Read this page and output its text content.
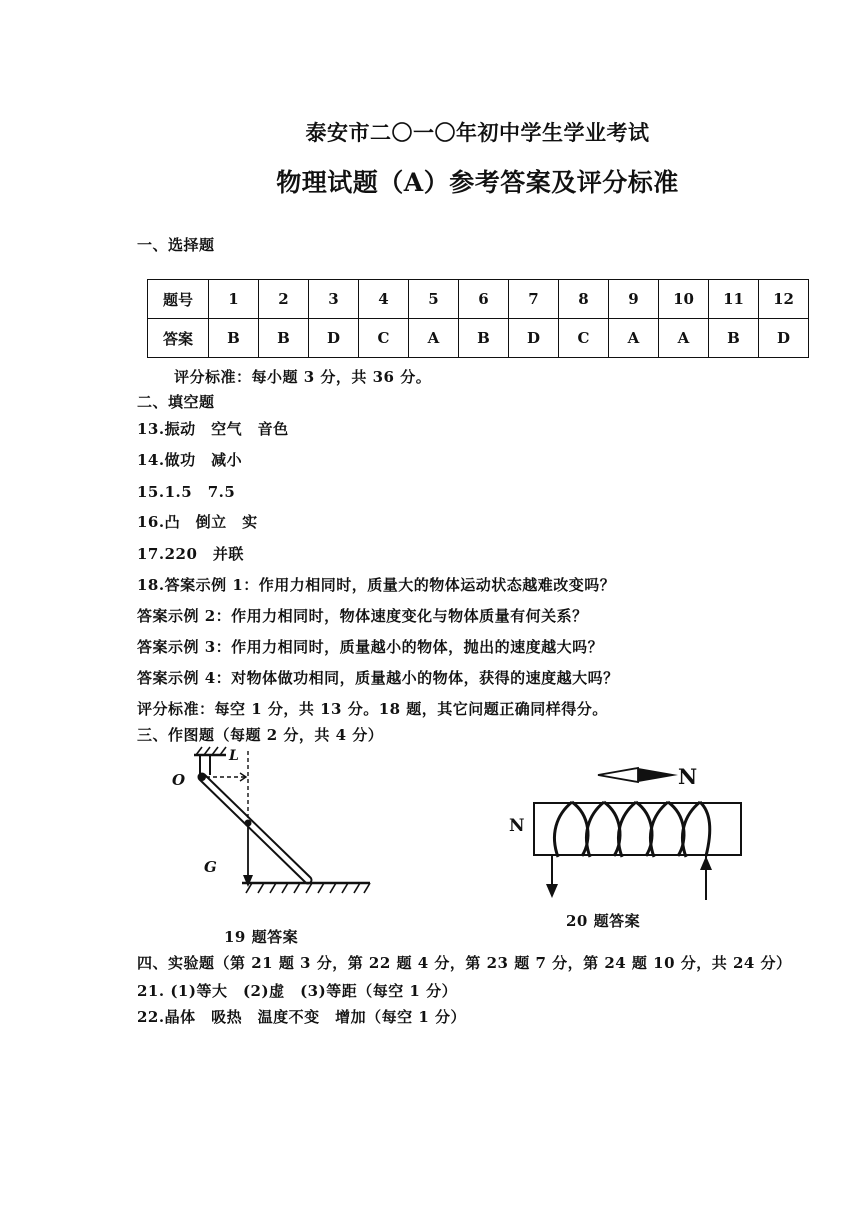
泰安市二〇一〇年初中学生学业考试
物理试题（A）参考答案及评分标准
一、选择题
题号	1	2	3	4	5	6	7	8	9	10	11	12
答案	B	B	D	C	A	B	D	C	A	A	B	D
评分标准：每小题 3 分，共 36 分。
二、填空题
13.振动　空气　音色
14.做功　减小
15.1.5　7.5
16.凸　倒立　实
17.220　并联
18.答案示例 1：作用力相同时，质量大的物体运动状态越难改变吗？
答案示例 2：作用力相同时，物体速度变化与物体质量有何关系？
答案示例 3：作用力相同时，质量越小的物体，抛出的速度越大吗？
答案示例 4：对物体做功相同，质量越小的物体，获得的速度越大吗？
评分标准：每空 1 分，共 13 分。18 题，其它问题正确同样得分。
三、作图题（每题 2 分，共 4 分）
O
L
G
19 题答案
N
N
20 题答案
四、实验题（第 21 题 3 分，第 22 题 4 分，第 23 题 7 分，第 24 题 10 分，共 24 分）
21. (1)等大　(2)虚　(3)等距（每空 1 分）
22.晶体　吸热　温度不变　增加（每空 1 分）
